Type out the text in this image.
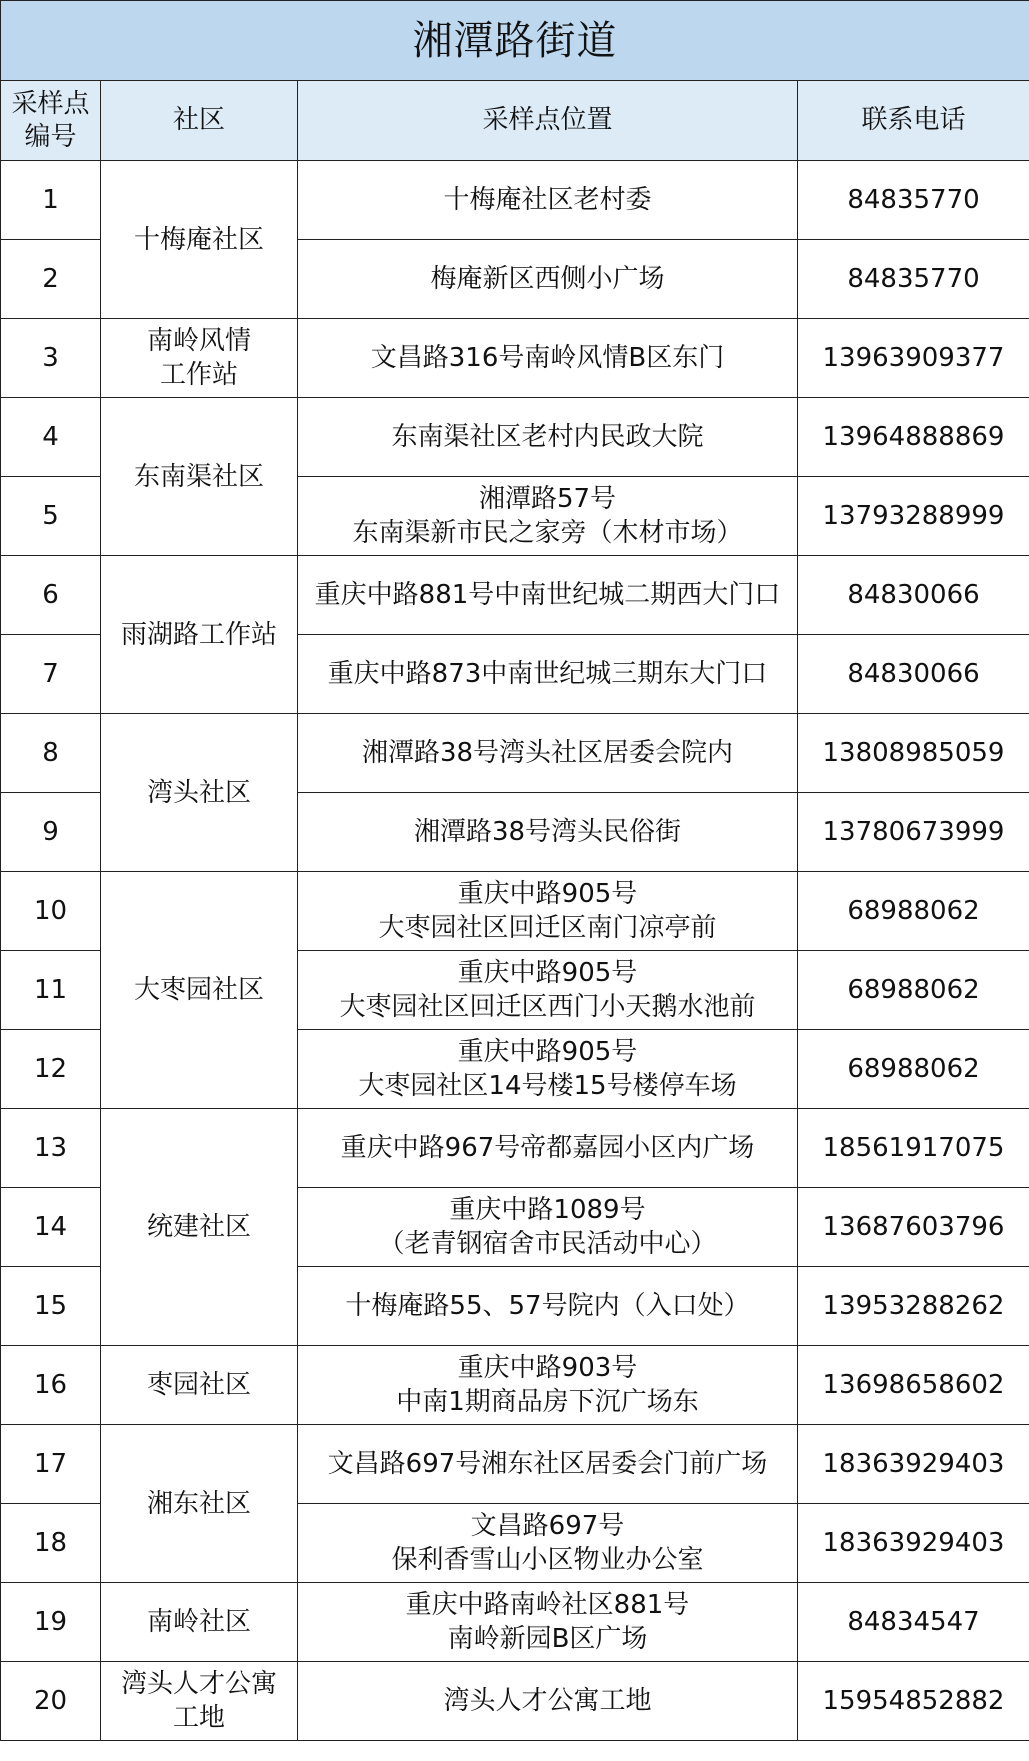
湘潭路街道			
采样点
编号	社区	采样点位置	联系电话
1	十梅庵社区	十梅庵社区老村委	84835770
2		梅庵新区西侧小广场	84835770
3	南岭风情
工作站	文昌路316号南岭风情B区东门	13963909377
4	东南渠社区	东南渠社区老村内民政大院	13964888869
5		湘潭路57号
东南渠新市民之家旁（木材市场）	13793288999
6	雨湖路工作站	重庆中路881号中南世纪城二期西大门口	84830066
7		重庆中路873中南世纪城三期东大门口	84830066
8	湾头社区	湘潭路38号湾头社区居委会院内	13808985059
9		湘潭路38号湾头民俗街	13780673999
10	大枣园社区	重庆中路905号
大枣园社区回迁区南门凉亭前	68988062
11		重庆中路905号
大枣园社区回迁区西门小天鹅水池前	68988062
12		重庆中路905号
大枣园社区14号楼15号楼停车场	68988062
13	统建社区	重庆中路967号帝都嘉园小区内广场	18561917075
14		重庆中路1089号
（老青钢宿舍市民活动中心）	13687603796
15		十梅庵路55、57号院内（入口处）	13953288262
16	枣园社区	重庆中路903号
中南1期商品房下沉广场东	13698658602
17	湘东社区	文昌路697号湘东社区居委会门前广场	18363929403
18		文昌路697号
保利香雪山小区物业办公室	18363929403
19	南岭社区	重庆中路南岭社区881号
南岭新园B区广场	84834547
20	湾头人才公寓
工地	湾头人才公寓工地	15954852882
